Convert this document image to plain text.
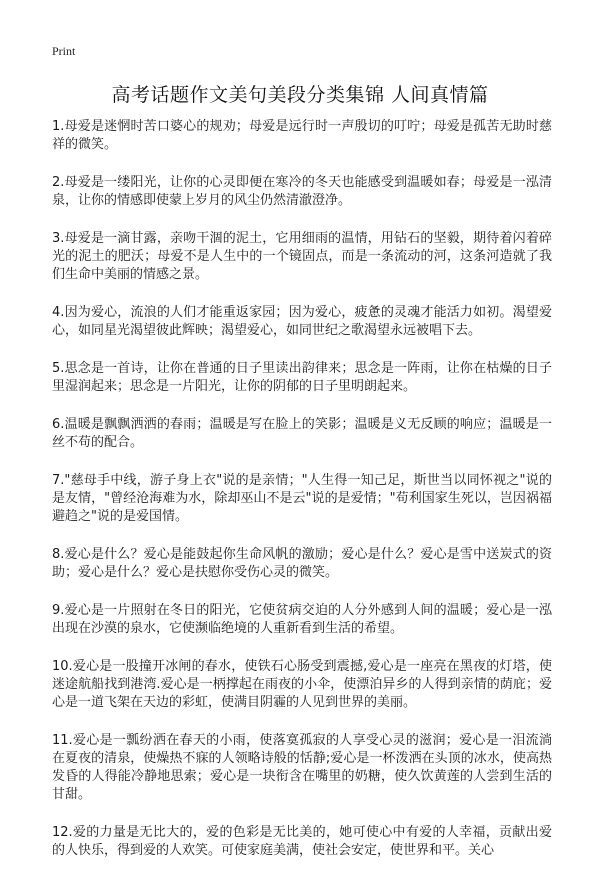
Print
高考话题作文美句美段分类集锦 人间真情篇

1.母爱是迷惘时苦口婆心的规劝；母爱是远行时一声殷切的叮咛；母爱是孤苦无助时慈祥的微笑。

2.母爱是一缕阳光，让你的心灵即便在寒冷的冬天也能感受到温暖如春；母爱是一泓清泉，让你的情感即使蒙上岁月的风尘仍然清澈澄净。

3.母爱是一滴甘露，亲吻干涸的泥土，它用细雨的温情，用钻石的坚毅，期待着闪着碎光的泥土的肥沃；母爱不是人生中的一个镜固点，而是一条流动的河，这条河造就了我们生命中美丽的情感之景。

4.因为爱心，流浪的人们才能重返家园；因为爱心，疲惫的灵魂才能活力如初。渴望爱心，如同星光渴望彼此辉映；渴望爱心，如同世纪之歌渴望永远被唱下去。

5.思念是一首诗，让你在普通的日子里读出韵律来；思念是一阵雨，让你在枯燥的日子里湿润起来；思念是一片阳光，让你的阴郁的日子里明朗起来。

6.温暖是飘飘洒洒的春雨；温暖是写在脸上的笑影；温暖是义无反顾的响应；温暖是一丝不苟的配合。

7."慈母手中线，游子身上衣"说的是亲情；"人生得一知己足，斯世当以同怀视之"说的是友情，"曾经沧海难为水，除却巫山不是云"说的是爱情；"苟利国家生死以，岂因祸福避趋之"说的是爱国情。

8.爱心是什么？爱心是能鼓起你生命风帆的激励；爱心是什么？爱心是雪中送炭式的资助；爱心是什么？爱心是扶慰你受伤心灵的微笑。

9.爱心是一片照射在冬日的阳光，它使贫病交迫的人分外感到人间的温暖；爱心是一泓出现在沙漠的泉水，它使濒临绝境的人重新看到生活的希望。

10.爱心是一股撞开冰闸的春水，使铁石心肠受到震撼,爱心是一座亮在黑夜的灯塔，使迷途航船找到港湾.爱心是一柄撑起在雨夜的小伞，使漂泊异乡的人得到亲情的荫庇；爱心是一道飞架在天边的彩虹，使满目阴霾的人见到世界的美丽。

11.爱心是一瓢纷洒在春天的小雨，使落寞孤寂的人享受心灵的滋润；爱心是一泪流淌在夏夜的清泉，使燥热不寐的人领略诗般的恬静;爱心是一杯泼洒在头顶的冰水，使高热发昏的人得能冷静地思索；爱心是一块衔含在嘴里的奶糖，使久饮黄莲的人尝到生活的甘甜。

12.爱的力量是无比大的，爱的色彩是无比美的，她可使心中有爱的人幸福，贡献出爱的人快乐，得到爱的人欢笑。可使家庭美满，使社会安定，使世界和平。关心
